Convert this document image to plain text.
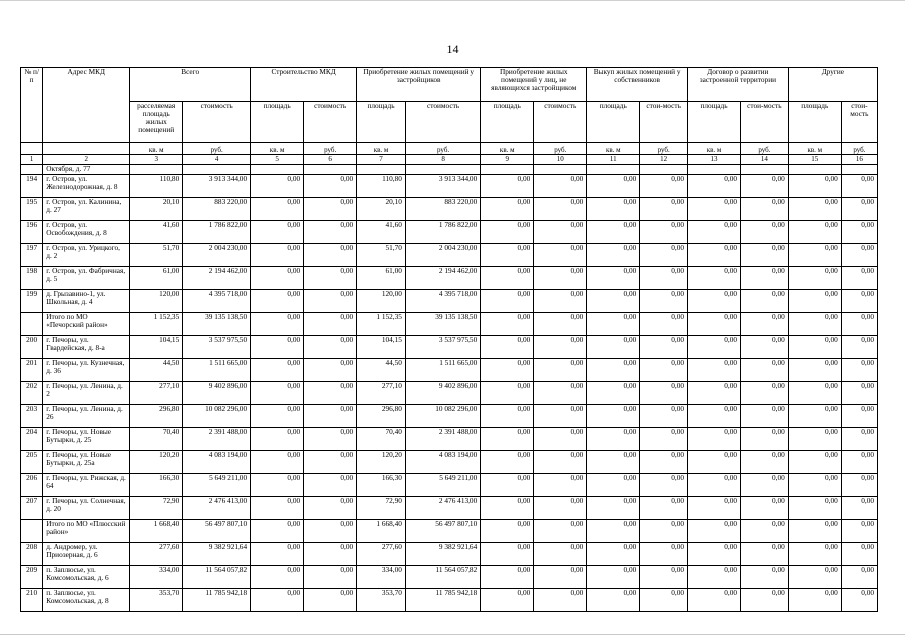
14
№ п/п	Адрес МКД	Всего		Строительство МКД		Приобретение жилых помещений у застройщиков		Приобретение жилых помещений у лиц, не являющихся застройщиком		Выкуп жилых помещений у собственников		Договор о развитии застроенной территории		Другие	
		расселяемая площадь жилых помещений	стоимость	площадь	стоимость	площадь	стоимость	площадь	стоимость	площадь	стои-мость	площадь	стои-мость	площадь	стои-мость
		кв. м	руб.	кв. м	руб.	кв. м	руб.	кв. м	руб.	кв. м	руб.	кв. м	руб.	кв. м	руб.
1	2	3	4	5	6	7	8	9	10	11	12	13	14	15	16
	Октября, д. 77														
194	г. Остров, ул. Железнодорожная, д. 8	110,80	3 913 344,00	0,00	0,00	110,80	3 913 344,00	0,00	0,00	0,00	0,00	0,00	0,00	0,00	0,00
195	г. Остров, ул. Калинина, д. 27	20,10	883 220,00	0,00	0,00	20,10	883 220,00	0,00	0,00	0,00	0,00	0,00	0,00	0,00	0,00
196	г. Остров, ул. Освобождения, д. 8	41,60	1 786 822,00	0,00	0,00	41,60	1 786 822,00	0,00	0,00	0,00	0,00	0,00	0,00	0,00	0,00
197	г. Остров, ул. Урицкого, д. 2	51,70	2 004 230,00	0,00	0,00	51,70	2 004 230,00	0,00	0,00	0,00	0,00	0,00	0,00	0,00	0,00
198	г. Остров, ул. Фабричная, д. 5	61,00	2 194 462,00	0,00	0,00	61,00	2 194 462,00	0,00	0,00	0,00	0,00	0,00	0,00	0,00	0,00
199	д. Грызавино-1, ул. Школьная, д. 4	120,00	4 395 718,00	0,00	0,00	120,00	4 395 718,00	0,00	0,00	0,00	0,00	0,00	0,00	0,00	0,00
	Итого по МО «Печорский район»	1 152,35	39 135 138,50	0,00	0,00	1 152,35	39 135 138,50	0,00	0,00	0,00	0,00	0,00	0,00	0,00	0,00
200	г. Печоры, ул. Гвардейская, д. 8-а	104,15	3 537 975,50	0,00	0,00	104,15	3 537 975,50	0,00	0,00	0,00	0,00	0,00	0,00	0,00	0,00
201	г. Печоры, ул. Кузнечная, д. 36	44,50	1 511 665,00	0,00	0,00	44,50	1 511 665,00	0,00	0,00	0,00	0,00	0,00	0,00	0,00	0,00
202	г. Печоры, ул. Ленина, д. 2	277,10	9 402 896,00	0,00	0,00	277,10	9 402 896,00	0,00	0,00	0,00	0,00	0,00	0,00	0,00	0,00
203	г. Печоры, ул. Ленина, д. 26	296,80	10 082 296,00	0,00	0,00	296,80	10 082 296,00	0,00	0,00	0,00	0,00	0,00	0,00	0,00	0,00
204	г. Печоры, ул. Новые Бутырки, д. 25	70,40	2 391 488,00	0,00	0,00	70,40	2 391 488,00	0,00	0,00	0,00	0,00	0,00	0,00	0,00	0,00
205	г. Печоры, ул. Новые Бутырки, д. 25а	120,20	4 083 194,00	0,00	0,00	120,20	4 083 194,00	0,00	0,00	0,00	0,00	0,00	0,00	0,00	0,00
206	г. Печоры, ул. Рижская, д. 64	166,30	5 649 211,00	0,00	0,00	166,30	5 649 211,00	0,00	0,00	0,00	0,00	0,00	0,00	0,00	0,00
207	г. Печоры, ул. Солнечная, д. 20	72,90	2 476 413,00	0,00	0,00	72,90	2 476 413,00	0,00	0,00	0,00	0,00	0,00	0,00	0,00	0,00
	Итого по МО «Плюсский район»	1 668,40	56 497 807,10	0,00	0,00	1 668,40	56 497 807,10	0,00	0,00	0,00	0,00	0,00	0,00	0,00	0,00
208	д. Андромер, ул. Приозерная, д. 6	277,60	9 382 921,64	0,00	0,00	277,60	9 382 921,64	0,00	0,00	0,00	0,00	0,00	0,00	0,00	0,00
209	п. Заплюсье, ул. Комсомольская, д. 6	334,00	11 564 057,82	0,00	0,00	334,00	11 564 057,82	0,00	0,00	0,00	0,00	0,00	0,00	0,00	0,00
210	п. Заплюсье, ул. Комсомольская, д. 8	353,70	11 785 942,18	0,00	0,00	353,70	11 785 942,18	0,00	0,00	0,00	0,00	0,00	0,00	0,00	0,00
